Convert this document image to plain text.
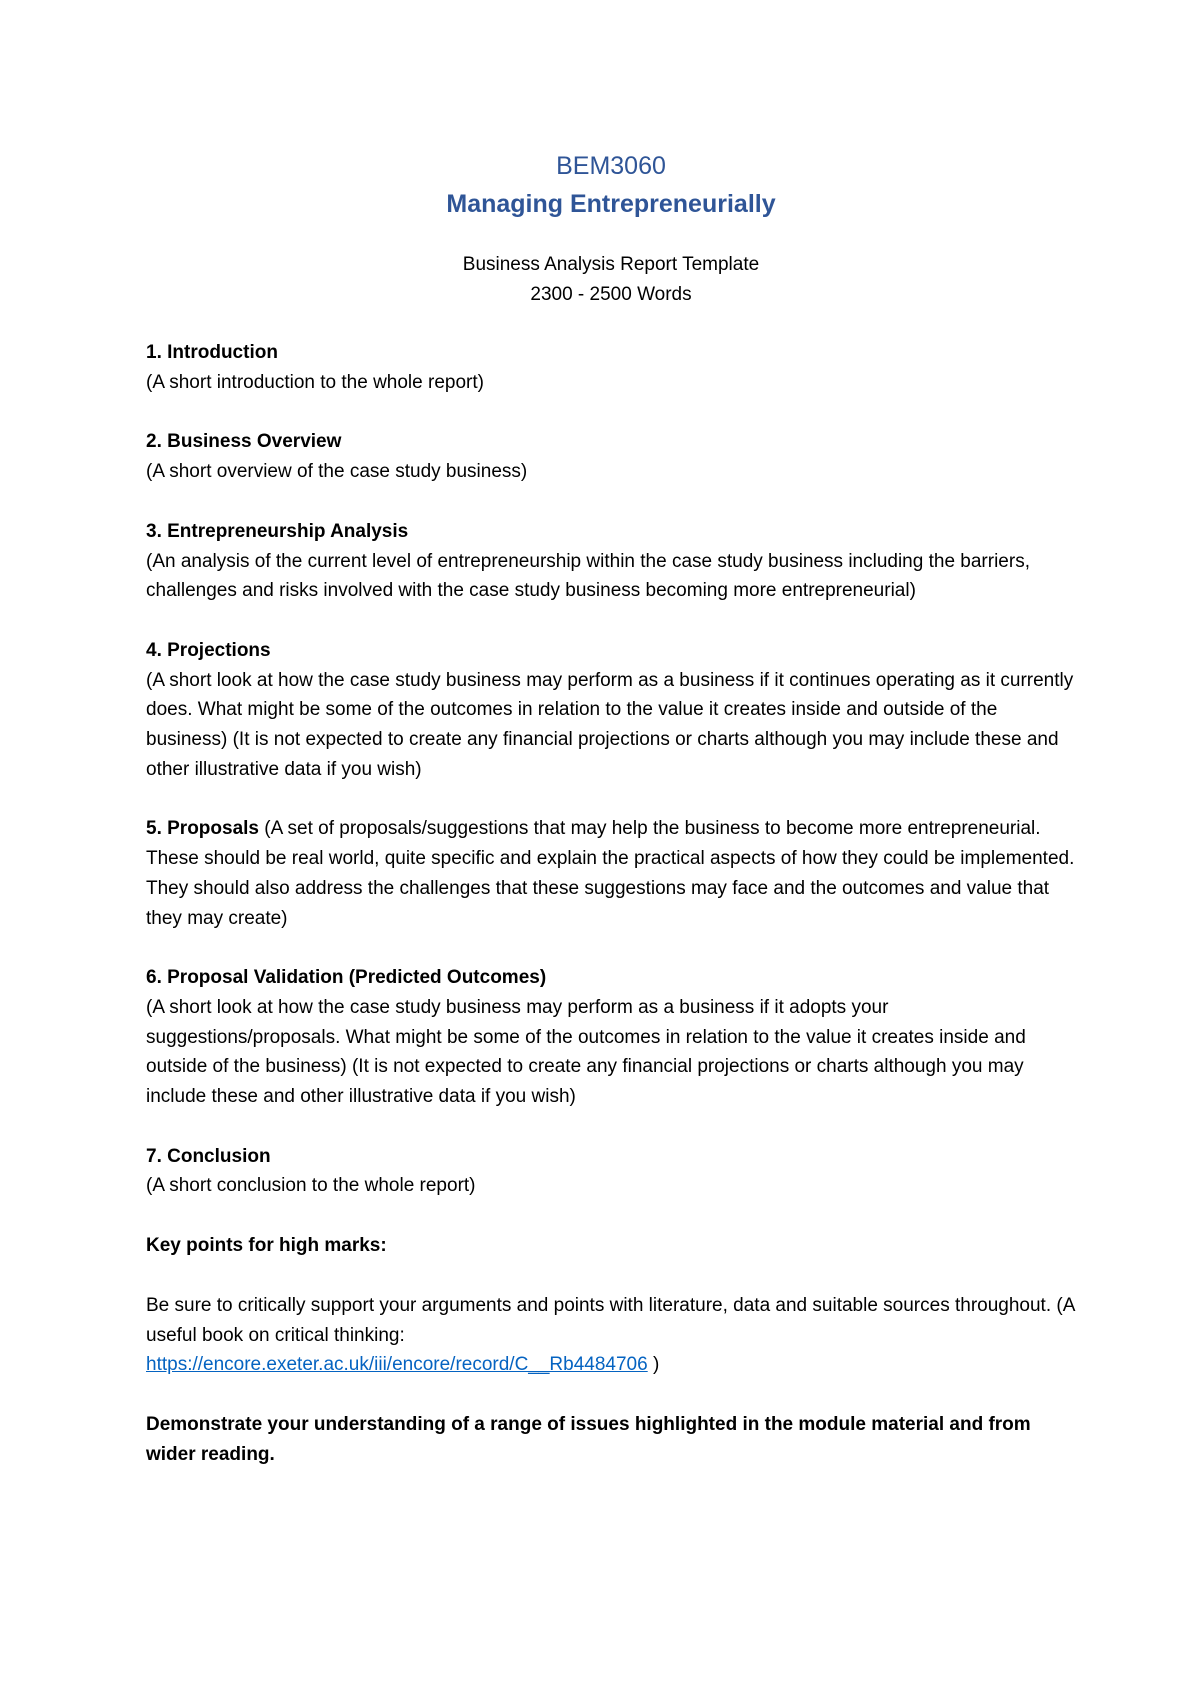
BEM3060

Managing Entrepreneurially

Business Analysis Report Template

2300 - 2500 Words

1. Introduction
(A short introduction to the whole report)

2. Business Overview
(A short overview of the case study business)

3. Entrepreneurship Analysis
(An analysis of the current level of entrepreneurship within the case study business including the barriers, challenges and risks involved with the case study business becoming more entrepreneurial)

4. Projections
(A short look at how the case study business may perform as a business if it continues operating as it currently does. What might be some of the outcomes in relation to the value it creates inside and outside of the business) (It is not expected to create any financial projections or charts although you may include these and other illustrative data if you wish)

5. Proposals (A set of proposals/suggestions that may help the business to become more entrepreneurial. These should be real world, quite specific and explain the practical aspects of how they could be implemented. They should also address the challenges that these suggestions may face and the outcomes and value that they may create)

6. Proposal Validation (Predicted Outcomes)
(A short look at how the case study business may perform as a business if it adopts your suggestions/proposals. What might be some of the outcomes in relation to the value it creates inside and outside of the business) (It is not expected to create any financial projections or charts although you may include these and other illustrative data if you wish)

7. Conclusion
(A short conclusion to the whole report)

Key points for high marks:

Be sure to critically support your arguments and points with literature, data and suitable sources throughout. (A useful book on critical thinking:
https://encore.exeter.ac.uk/iii/encore/record/C__Rb4484706 )

Demonstrate your understanding of a range of issues highlighted in the module material and from wider reading.
